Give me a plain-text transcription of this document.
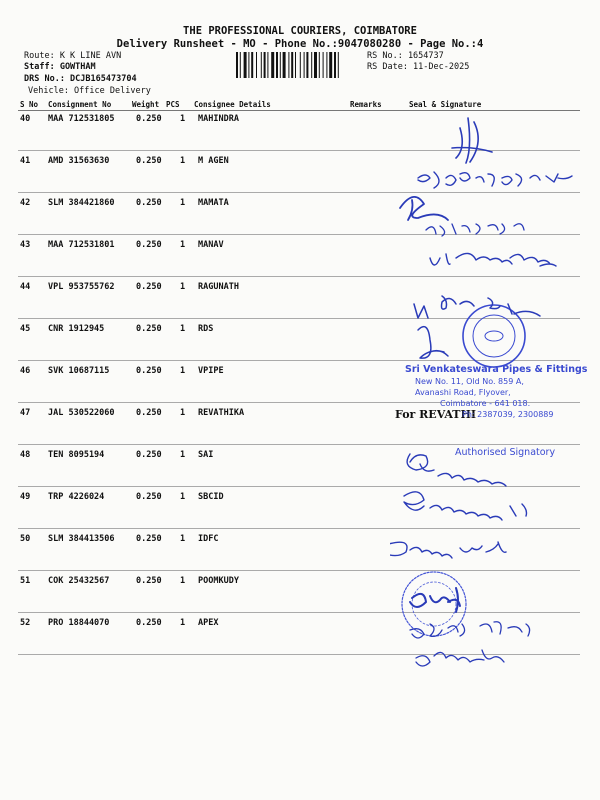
THE PROFESSIONAL COURIERS, COIMBATORE
Delivery Runsheet - MO - Phone No.:9047080280 - Page No.:4
Route: K K LINE AVN
Staff: GOWTHAM
DRS No.: DCJB165473704
Vehicle: Office Delivery
RS No.: 1654737
RS Date: 11-Dec-2025
S No Consignment No	Weight PCS Consignee Details	Remarks	Seal & Signature
40 MAA 712531805	0.250 1 MAHINDRA
41 AMD 31563630	0.250 1 M AGEN
42 SLM 384421860	0.250 1 MAMATA
43 MAA 712531801	0.250 1 MANAV
44 VPL 953755762	0.250 1 RAGUNATH
45 CNR 1912945	0.250 1 RDS
46 SVK 10687115	0.250 1 VPIPE
47 JAL 530522060	0.250 1 REVATHIKA
48 TEN 8095194	0.250 1 SAI
49 TRP 4226024	0.250 1 SBCID
50 SLM 384413506	0.250 1 IDFC
51 COK 25432567	0.250 1 POOMKUDY
52 PRO 18844070	0.250 1 APEX
Sri Venkateswara Pipes & Fittings
New No. 11, Old No. 859 A,
Avanashi Road, Flyover,
Coimbatore - 641 018.
For REVATHI
Ph: 2387039, 2300889
Authorised Signatory
